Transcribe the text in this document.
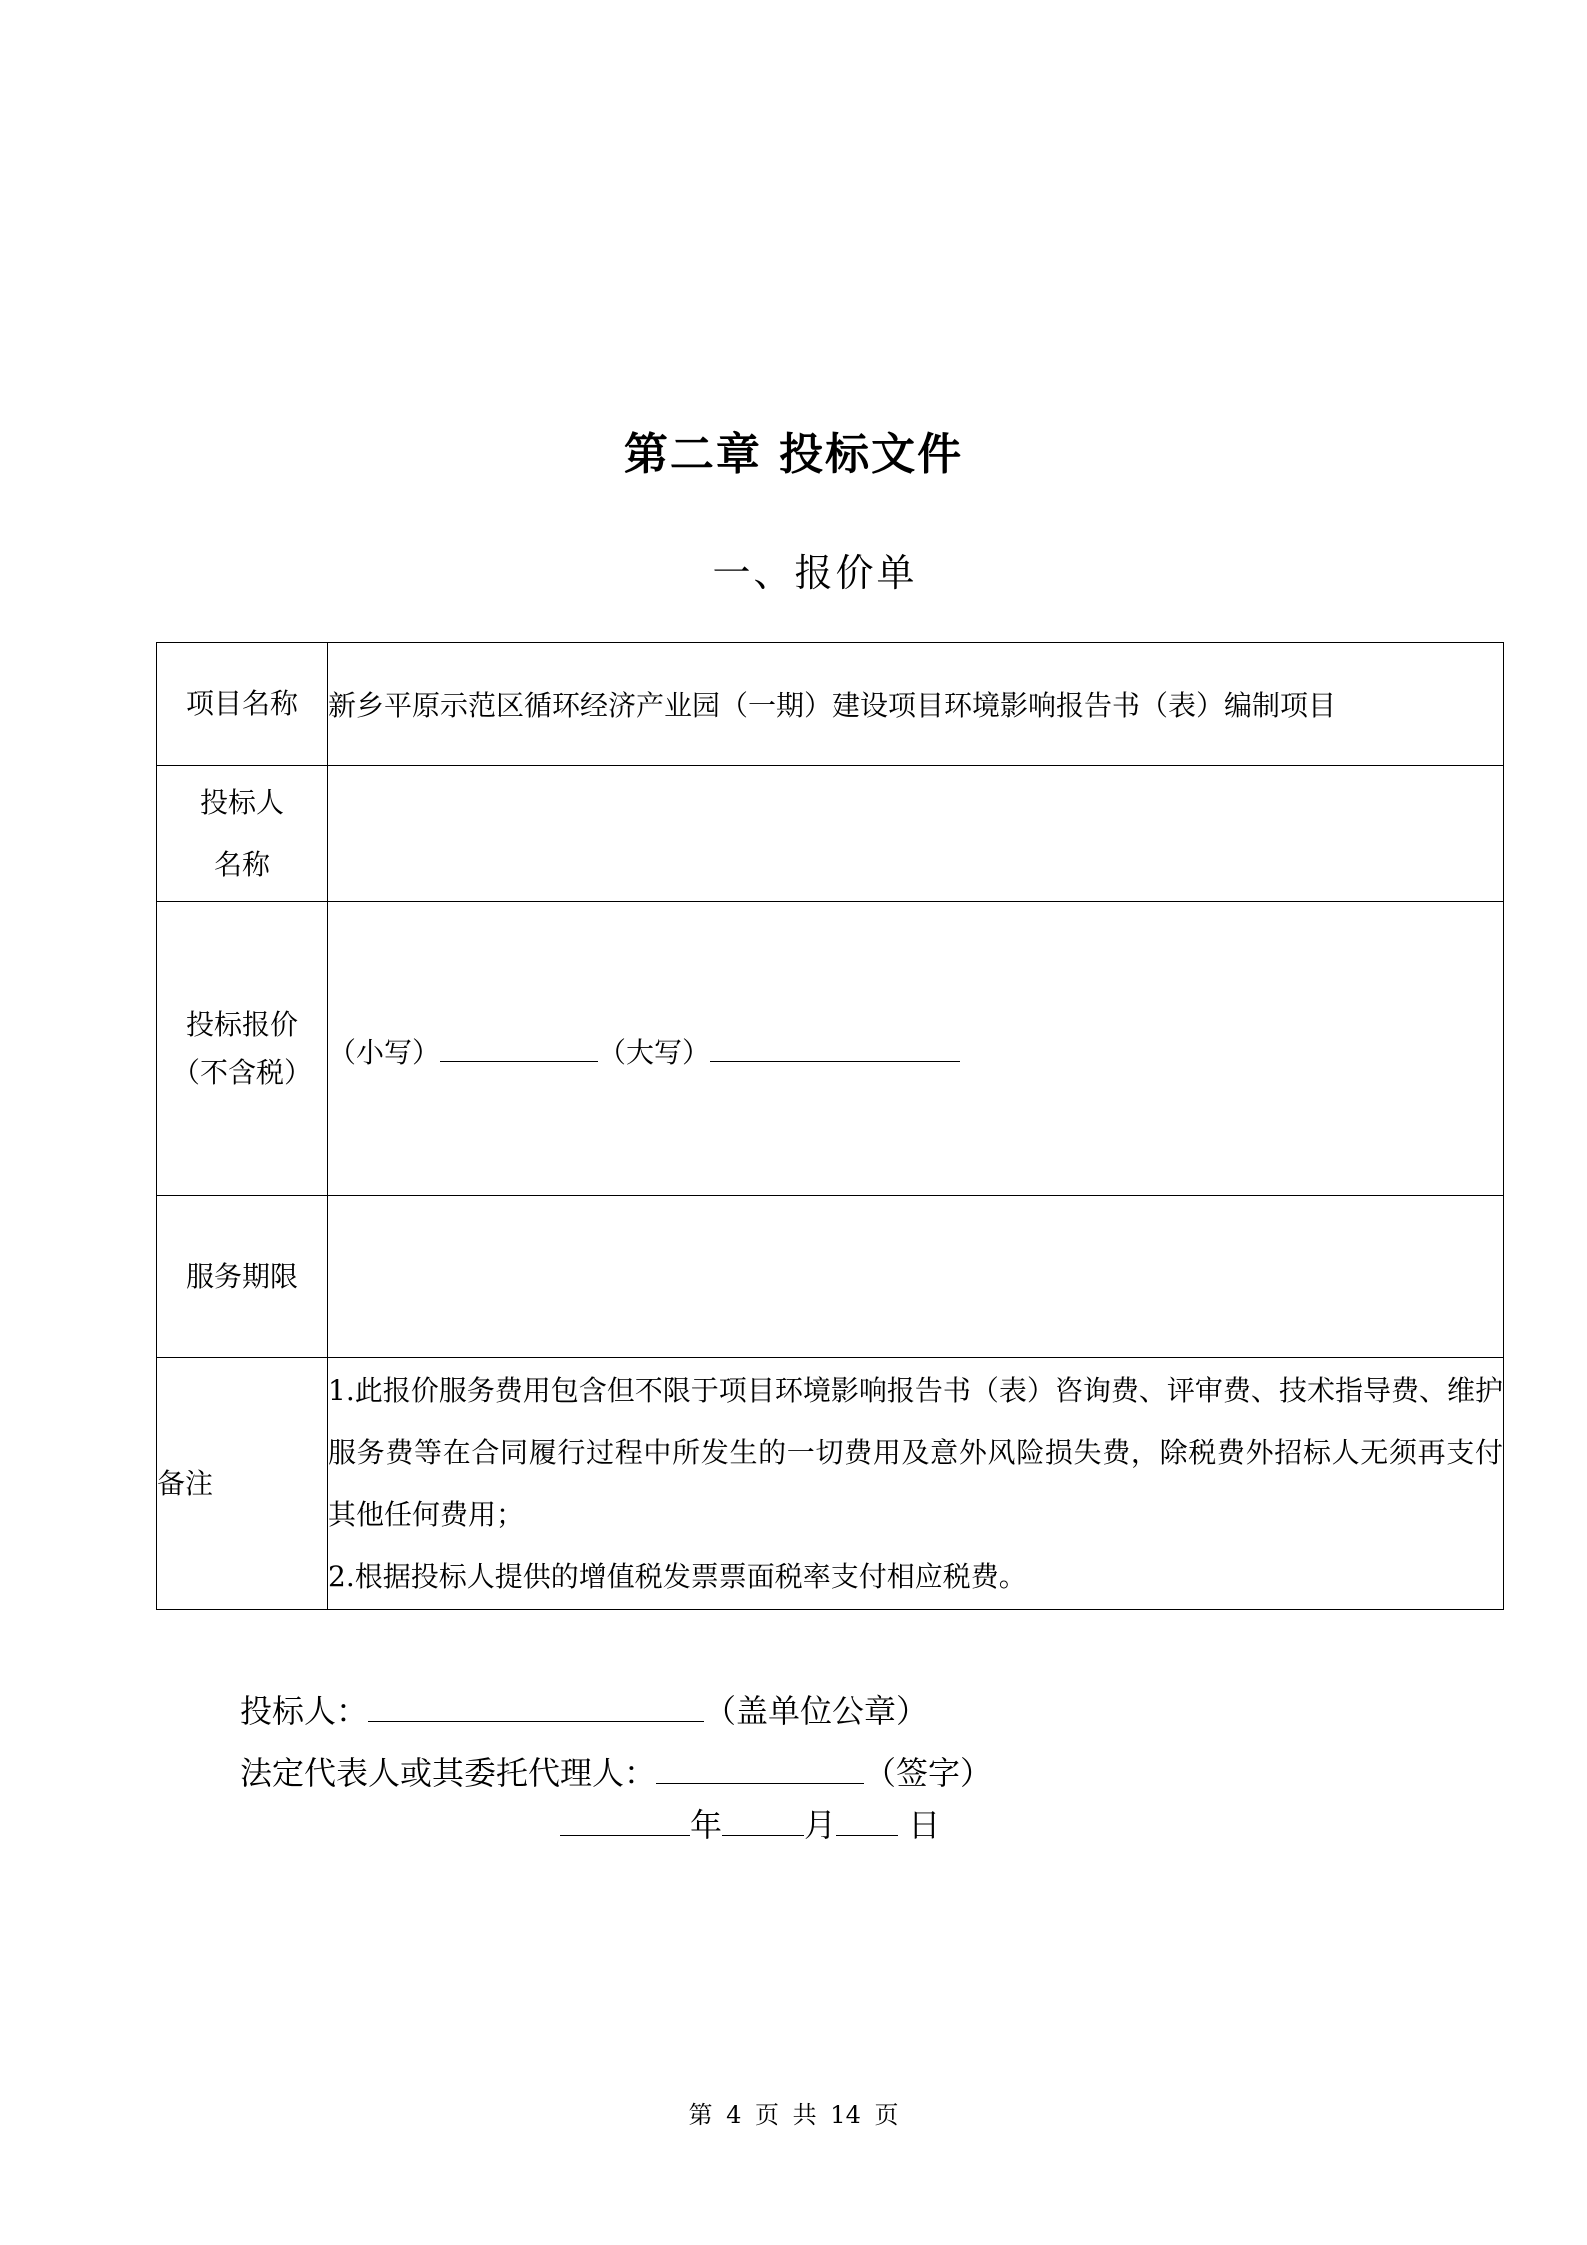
第二章 投标文件
一、报价单
项目名称	新乡平原示范区循环经济产业园（一期）建设项目环境影响报告书（表）编制项目

投标人
名称	

投标报价
（不含税）	（小写） （大写）
服务期限	
备注	1.此报价服务费用包含但不限于项目环境影响报告书（表）咨询费、评审费、技术指导费、维护服务费等在合同履行过程中所发生的一切费用及意外风险损失费，除税费外招标人无须再支付其他任何费用；
2.根据投标人提供的增值税发票票面税率支付相应税费。
投标人：	（盖单位公章）
法定代表人或其委托代理人：	（签字）
年	月 日
第 4 页 共 14 页
